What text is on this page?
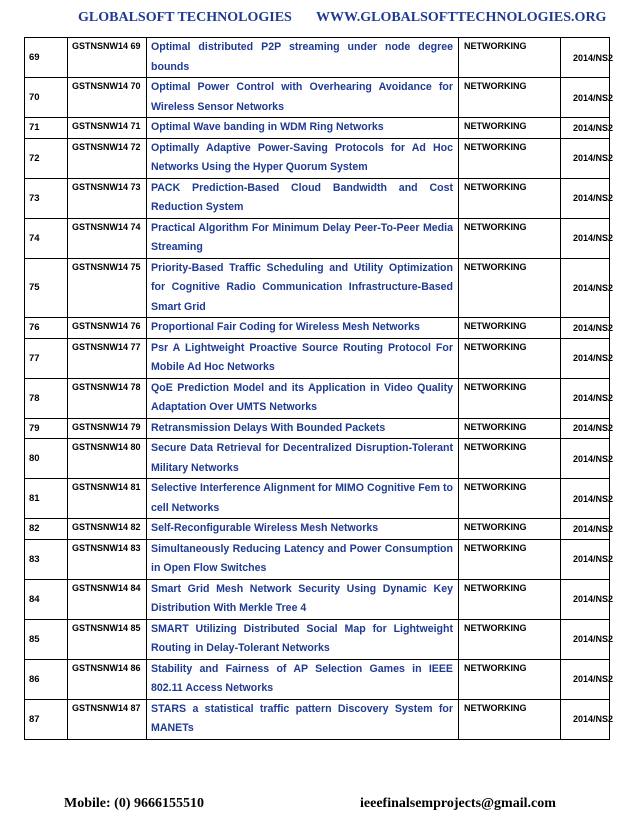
GLOBALSOFT TECHNOLOGIES WWW.GLOBALSOFTTECHNOLOGIES.ORG
69	GSTNSNW14 69	Optimal distributed P2P streaming under node degree bounds	NETWORKING	2014/NS2
70	GSTNSNW14 70	Optimal Power Control with Overhearing Avoidance for Wireless Sensor Networks	NETWORKING	2014/NS2
71	GSTNSNW14 71	Optimal Wave banding in WDM Ring Networks	NETWORKING	2014/NS2
72	GSTNSNW14 72	Optimally Adaptive Power-Saving Protocols for Ad Hoc Networks Using the Hyper Quorum System	NETWORKING	2014/NS2
73	GSTNSNW14 73	PACK Prediction-Based Cloud Bandwidth and Cost Reduction System	NETWORKING	2014/NS2
74	GSTNSNW14 74	Practical Algorithm For Minimum Delay Peer-To-Peer Media Streaming	NETWORKING	2014/NS2
75	GSTNSNW14 75	Priority-Based Traffic Scheduling and Utility Optimization for Cognitive Radio Communication Infrastructure-Based Smart Grid	NETWORKING	2014/NS2
76	GSTNSNW14 76	Proportional Fair Coding for Wireless Mesh Networks	NETWORKING	2014/NS2
77	GSTNSNW14 77	Psr A Lightweight Proactive Source Routing Protocol For Mobile Ad Hoc Networks	NETWORKING	2014/NS2
78	GSTNSNW14 78	QoE Prediction Model and its Application in Video Quality Adaptation Over UMTS Networks	NETWORKING	2014/NS2
79	GSTNSNW14 79	Retransmission Delays With Bounded Packets	NETWORKING	2014/NS2
80	GSTNSNW14 80	Secure Data Retrieval for Decentralized Disruption-Tolerant Military Networks	NETWORKING	2014/NS2
81	GSTNSNW14 81	Selective Interference Alignment for MIMO Cognitive Fem to cell Networks	NETWORKING	2014/NS2
82	GSTNSNW14 82	Self-Reconfigurable Wireless Mesh Networks	NETWORKING	2014/NS2
83	GSTNSNW14 83	Simultaneously Reducing Latency and Power Consumption in Open Flow Switches	NETWORKING	2014/NS2
84	GSTNSNW14 84	Smart Grid Mesh Network Security Using Dynamic Key Distribution With Merkle Tree 4	NETWORKING	2014/NS2
85	GSTNSNW14 85	SMART Utilizing Distributed Social Map for Lightweight Routing in Delay-Tolerant Networks	NETWORKING	2014/NS2
86	GSTNSNW14 86	Stability and Fairness of AP Selection Games in IEEE 802.11 Access Networks	NETWORKING	2014/NS2
87	GSTNSNW14 87	STARS a statistical traffic pattern Discovery System for MANETs	NETWORKING	2014/NS2
Mobile: (0) 9666155510	ieeefinalsemprojects@gmail.com
